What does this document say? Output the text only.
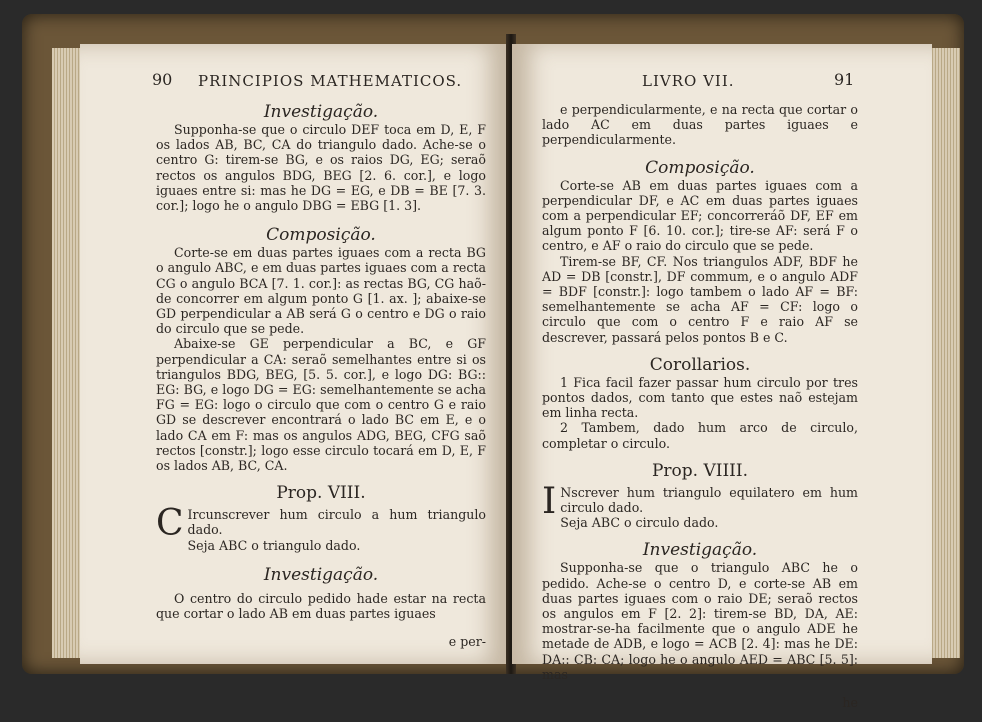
90 PRINCIPIOS MATHEMATICOS.

Investigação.

Supponha-se que o circulo DEF toca em D, E, F os lados AB, BC, CA do triangulo dado. Ache-se o centro G: tirem-se BG, e os raios DG, EG; seraõ rectos os angulos BDG, BEG [2. 6. cor.], e logo iguaes entre si: mas he DG = EG, e DB = BE [7. 3. cor.]; logo he o angulo DBG = EBG [1. 3].

Composição.

Corte-se em duas partes iguaes com a recta BG o angulo ABC, e em duas partes iguaes com a recta CG o angulo BCA [7. 1. cor.]: as rectas BG, CG haõ-de concorrer em algum ponto G [1. ax. ]; abaixe-se GD perpendicular a AB será G o centro e DG o raio do circulo que se pede.

Abaixe-se GE perpendicular a BC, e GF perpendicular a CA: seraõ semelhantes entre si os triangulos BDG, BEG, [5. 5. cor.], e logo DG: BG:: EG: BG, e logo DG = EG: semelhantemente se acha FG = EG: logo o circulo que com o centro G e raio GD se descrever encontrará o lado BC em E, e o lado CA em F: mas os angulos ADG, BEG, CFG saõ rectos [constr.]; logo esse circulo tocará em D, E, F os lados AB, BC, CA.

Prop. VIII.

C Ircunscrever hum circulo a hum triangulo dado.

Seja ABC o triangulo dado.

Investigação.

O centro do circulo pedido hade estar na recta que cortar o lado AB em duas partes iguaes

e per-

LIVRO VII.	91

e perpendicularmente, e na recta que cortar o lado AC em duas partes iguaes e perpendicularmente.

Composição.

Corte-se AB em duas partes iguaes com a perpendicular DF, e AC em duas partes iguaes com a perpendicular EF; concorreráõ DF, EF em algum ponto F [6. 10. cor.]; tire-se AF: será F o centro, e AF o raio do circulo que se pede.

Tirem-se BF, CF. Nos triangulos ADF, BDF he AD = DB [constr.], DF commum, e o angulo ADF = BDF [constr.]: logo tambem o lado AF = BF: semelhantemente se acha AF = CF: logo o circulo que com o centro F e raio AF se descrever, passará pelos pontos B e C.

Corollarios.

1 Fica facil fazer passar hum circulo por tres pontos dados, com tanto que estes naõ estejam em linha recta.

2 Tambem, dado hum arco de circulo, completar o circulo.

Prop. VIIII.

I Nscrever hum triangulo equilatero em hum circulo dado.

Seja ABC o circulo dado.

Investigação.

Supponha-se que o triangulo ABC he o pedido. Ache-se o centro D, e corte-se AB em duas partes iguaes com o raio DE; seraõ rectos os angulos em F [2. 2]: tirem-se BD, DA, AE: mostrar-se-ha facilmente que o angulo ADE he metade de ADB, e logo = ACB [2. 4]: mas he DE: DA:: CB: CA; logo he o angulo AED = ABC [5. 5]: mas

he
